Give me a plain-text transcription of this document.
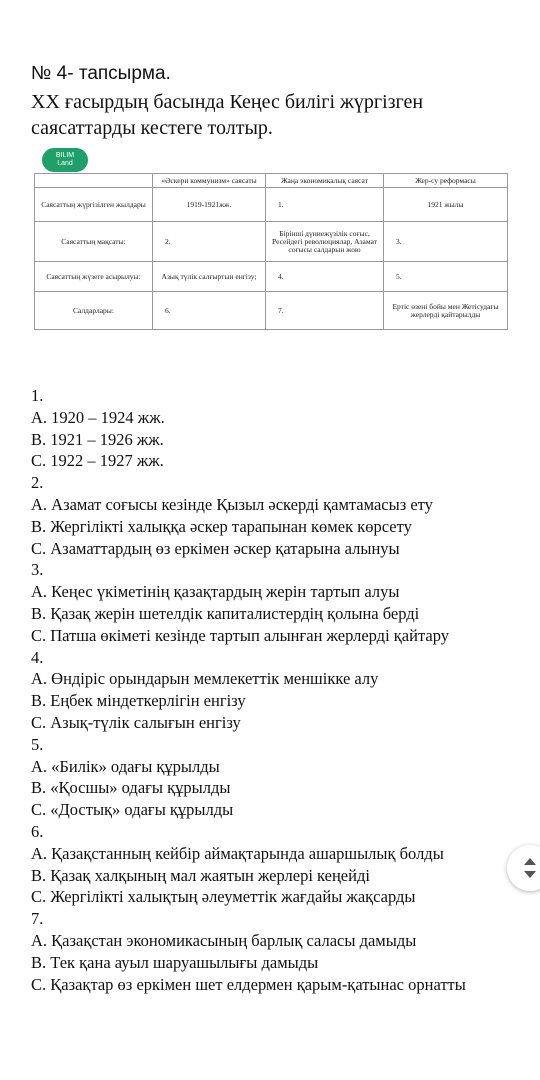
№ 4- тапсырма.

ХХ ғасырдың басында Кеңес билігі жүргізген саясаттарды кестеге толтыр.

BILIM
Land
	«Әскери коммунизм» саясаты	Жаңа экономикалық саясат	Жер-су реформасы
Саясаттың жүргізілген жылдары	1919-1921жж.	1.	1921 жылы
Саясаттың мақсаты:	2.	Бірінші дүниежүзілік соғыс, Ресейдегі революциялар, Азамат соғысы салдарын жою	3.
Саясаттың жүзеге асырылуы:	Азық түлік салғыртын енгізу;	4.	5.
Салдарлары:	6.	7.	Ертіс өзені бойы мен Жетісудағы жерлерді қайтарылды
1.
A. 1920 – 1924 жж.
B. 1921 – 1926 жж.
C. 1922 – 1927 жж.
2.
A. Азамат соғысы кезінде Қызыл әскерді қамтамасыз ету
B. Жергілікті халыққа әскер тарапынан көмек көрсету
C. Азаматтардың өз еркімен әскер қатарына алынуы
3.
A. Кеңес үкіметінің қазақтардың жерін тартып алуы
B. Қазақ жерін шетелдік капиталистердің қолына берді
C. Патша өкіметі кезінде тартып алынған жерлерді қайтару
4.
A. Өндіріс орындарын мемлекеттік меншікке алу
B. Еңбек міндеткерлігін енгізу
C. Азық-түлік салығын енгізу
5.
A. «Билік» одағы құрылды
B. «Қосшы» одағы құрылды
C. «Достық» одағы құрылды
6.
A. Қазақстанның кейбір аймақтарында ашаршылық болды
B. Қазақ халқының мал жаятын жерлері кеңейді
C. Жергілікті халықтың әлеуметтік жағдайы жақсарды
7.
A. Қазақстан экономикасының барлық саласы дамыды
B. Тек қана ауыл шаруашылығы дамыды
C. Қазақтар өз еркімен шет елдермен қарым-қатынас орнатты
